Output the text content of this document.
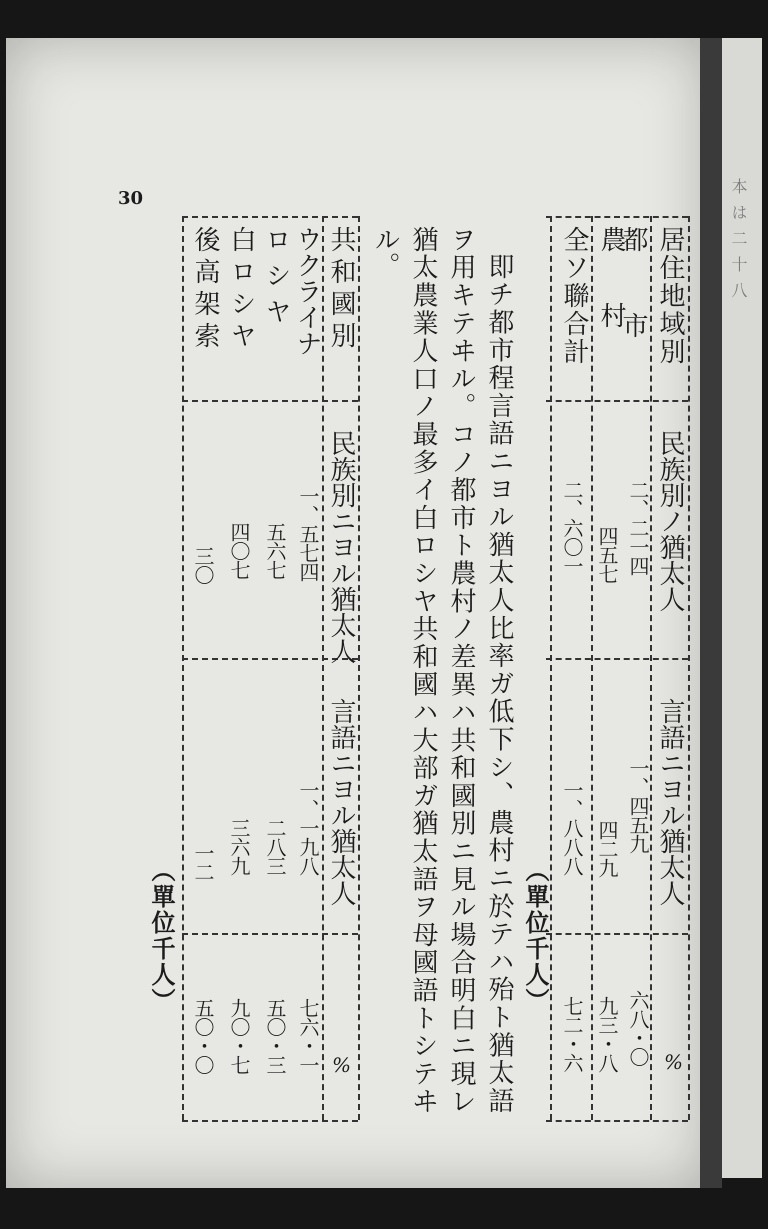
30
居住地域別
民族別ノ猶太人
言語ニヨル猶太人
%
都市
二、二一四
一、四五九
六八・〇
農村
四五七
四二九
九三・八
全ソ聯合計
二、六〇一
一、八八八
七二・六
（單位千人）
即チ都市程言語ニヨル猶太人比率ガ低下シ、農村ニ於テハ殆ト猶太語
ヲ用キテヰル。コノ都市ト農村ノ差異ハ共和國別ニ見ル場合明白ニ現レ
猶太農業人口ノ最多イ白ロシヤ共和國ハ大部ガ猶太語ヲ母國語トシテヰ
ル。
共和國別
民族別ニヨル猶太人
言語ニヨル猶太人
%
ウクライナ
一、五七四
一、一九八
七六・一
ロシヤ
五六七
二八三
五〇・三
白ロシヤ
四〇七
三六九
九〇・七
後高架索
三〇
一二
五〇・〇
（單位千人）
本は二十八
